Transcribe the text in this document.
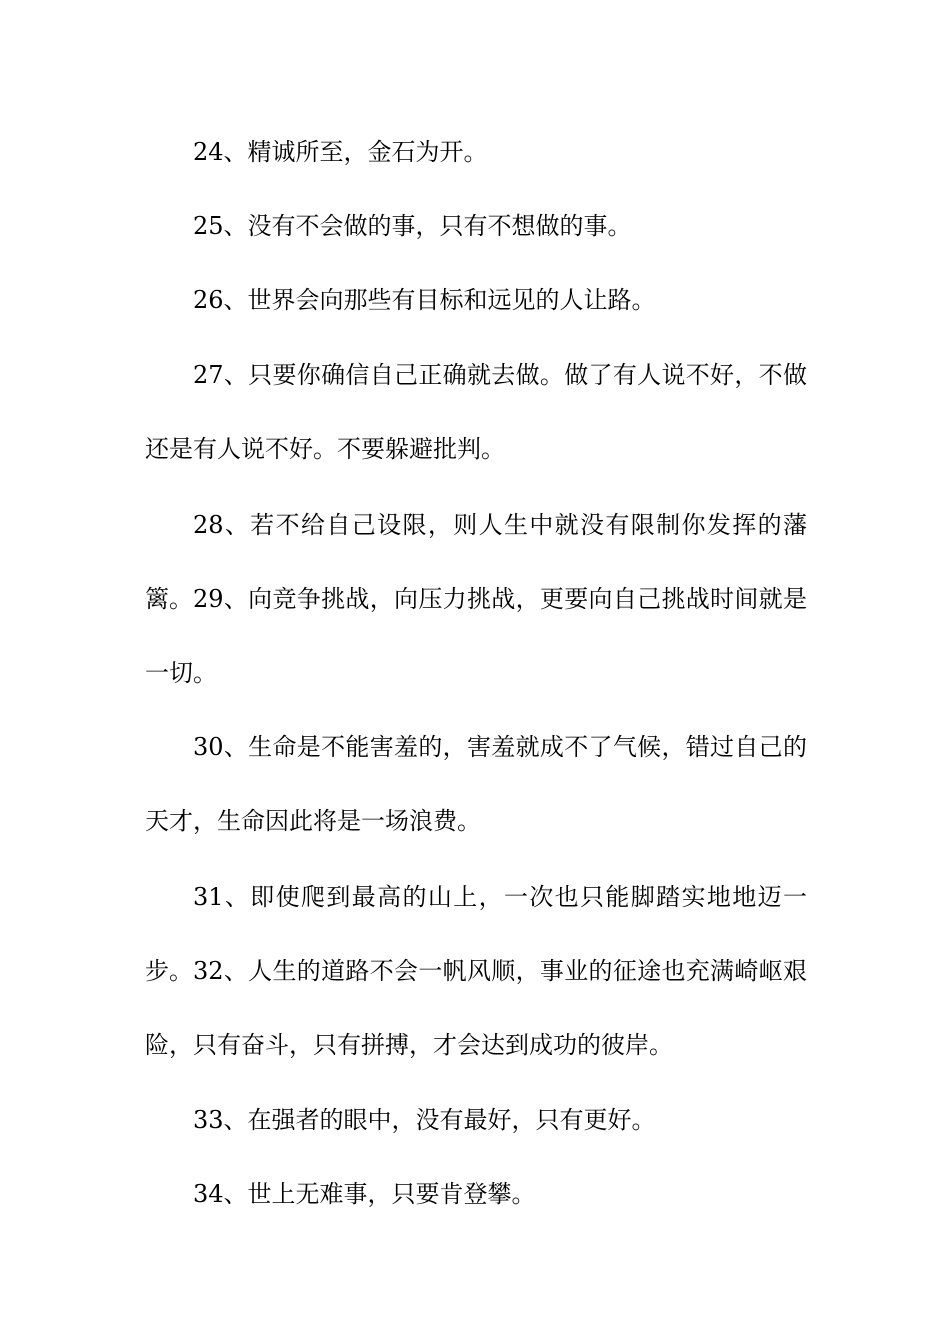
24、精诚所至，金石为开。

25、没有不会做的事，只有不想做的事。

26、世界会向那些有目标和远见的人让路。

27、只要你确信自己正确就去做。做了有人说不好，不做还是有人说不好。不要躲避批判。

28、若不给自己设限，则人生中就没有限制你发挥的藩篱。 29、向竞争挑战，向压力挑战，更要向自己挑战时间就是一切。

30、生命是不能害羞的，害羞就成不了气候，错过自己的天才，生命因此将是一场浪费。

31、即使爬到最高的山上，一次也只能脚踏实地地迈一步。 32、人生的道路不会一帆风顺，事业的征途也充满崎岖艰险，只有奋斗，只有拼搏，才会达到成功的彼岸。

33、在强者的眼中，没有最好，只有更好。

34、世上无难事，只要肯登攀。
